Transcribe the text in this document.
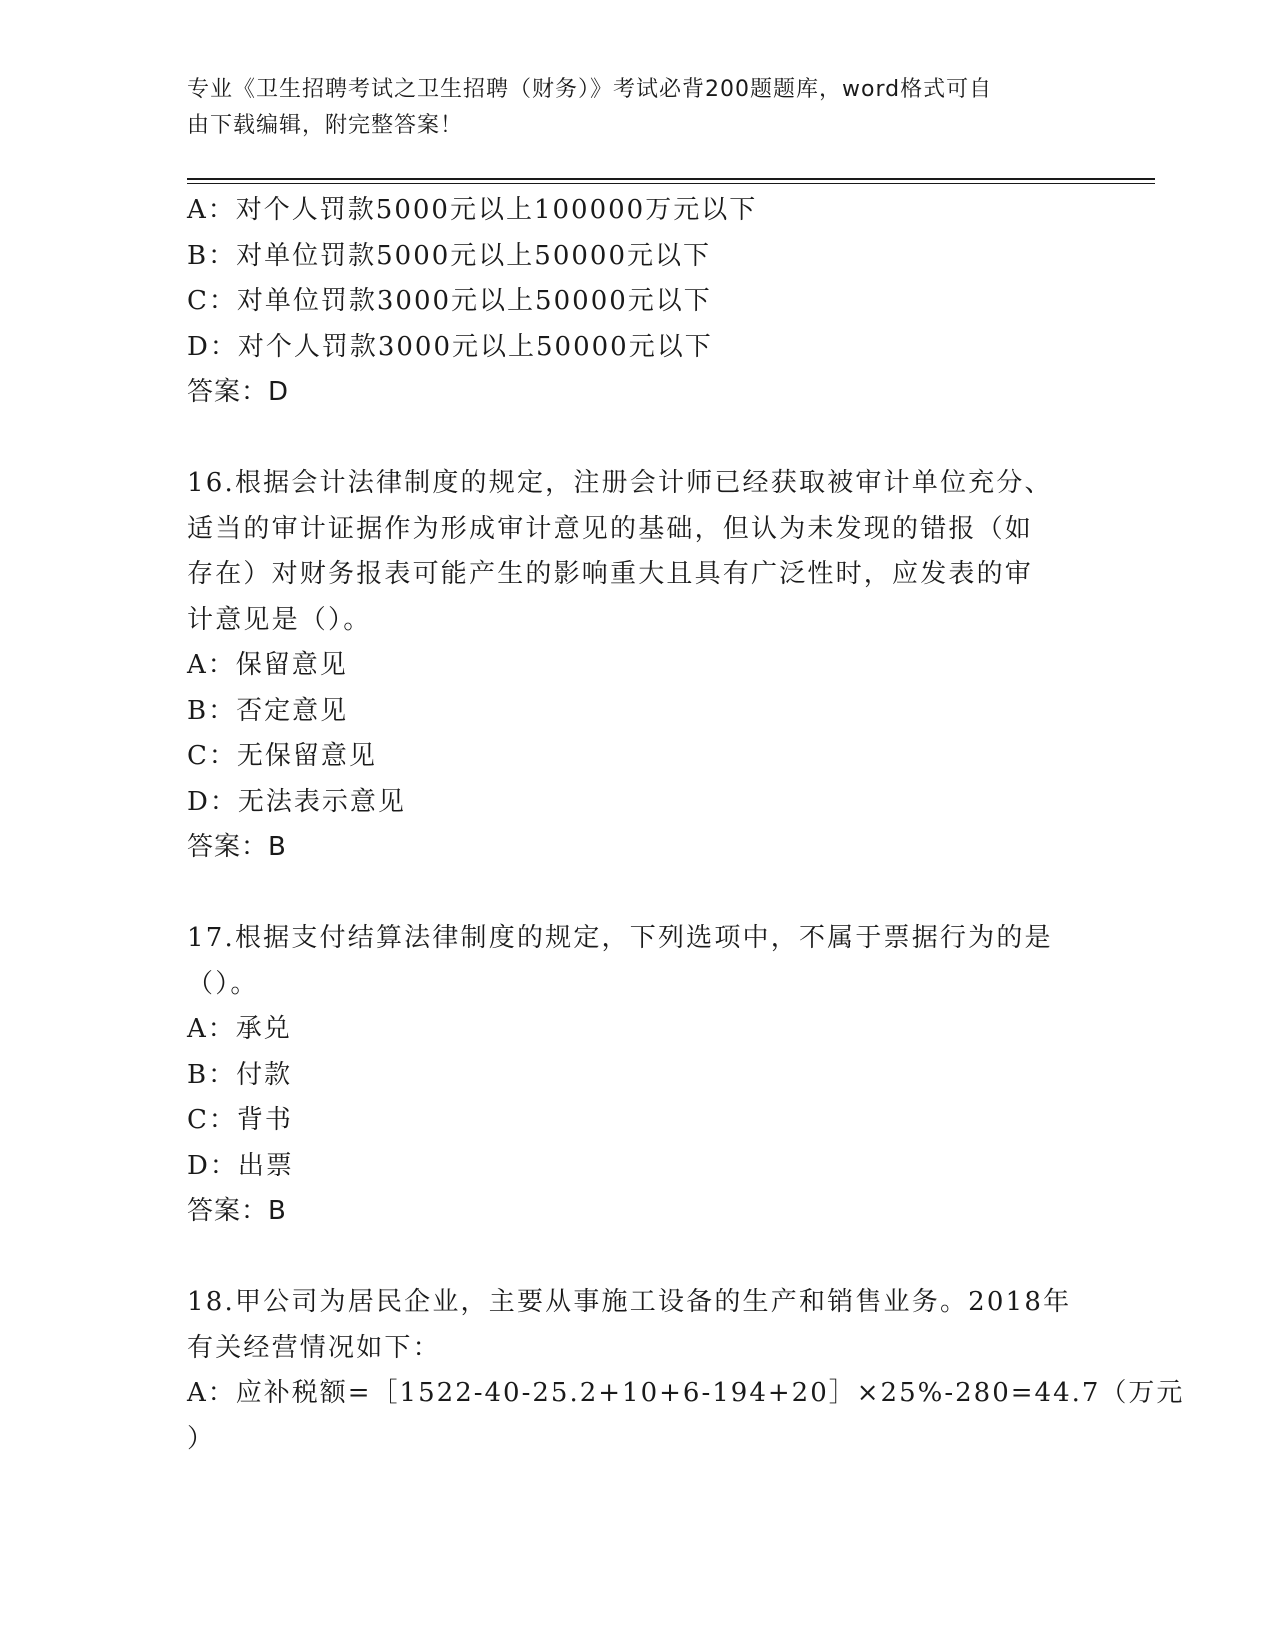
专业《卫生招聘考试之卫生招聘（财务）》考试必背200题题库，word格式可自
由下载编辑，附完整答案！
A：对个人罚款5000元以上100000万元以下
B：对单位罚款5000元以上50000元以下
C：对单位罚款3000元以上50000元以下
D：对个人罚款3000元以上50000元以下
答案：D
16.根据会计法律制度的规定，注册会计师已经获取被审计单位充分、
适当的审计证据作为形成审计意见的基础，但认为未发现的错报（如
存在）对财务报表可能产生的影响重大且具有广泛性时，应发表的审
计意见是（）。
A：保留意见
B：否定意见
C：无保留意见
D：无法表示意见
答案：B
17.根据支付结算法律制度的规定，下列选项中，不属于票据行为的是
（）。
A：承兑
B：付款
C：背书
D：出票
答案：B
18.甲公司为居民企业，主要从事施工设备的生产和销售业务。2018年
有关经营情况如下：
A：应补税额=［1522-40-25.2+10+6-194+20］×25%-280=44.7（万元
）
